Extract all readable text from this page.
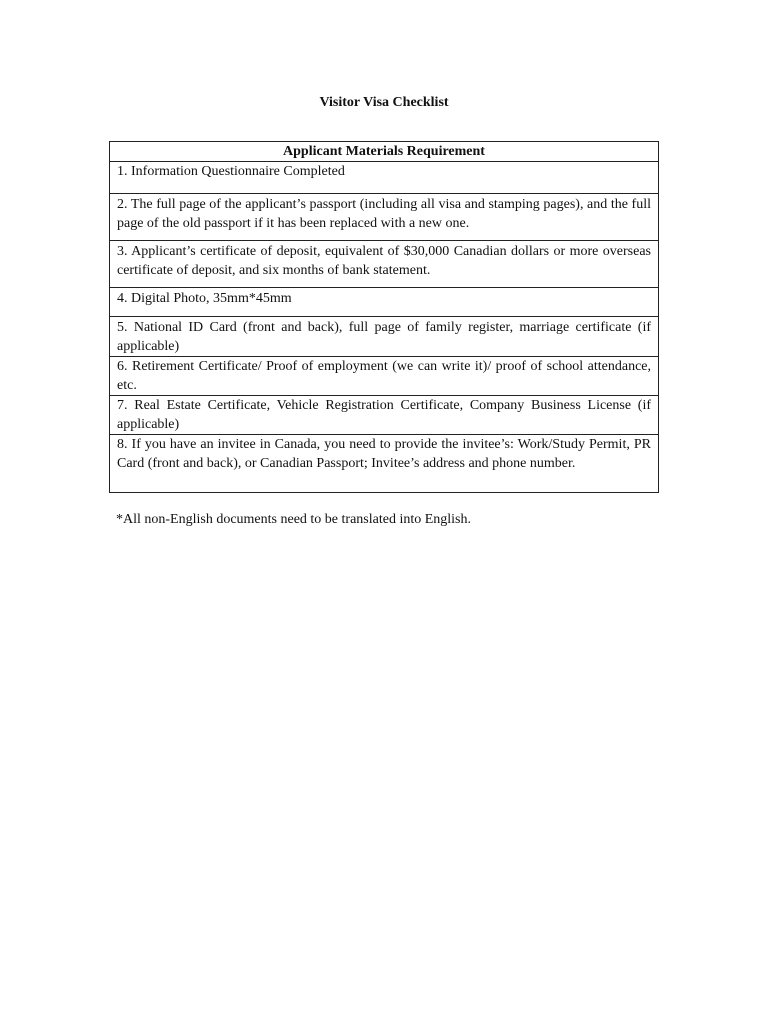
Visitor Visa Checklist
Applicant Materials Requirement
1. Information Questionnaire Completed
2. The full page of the applicant’s passport (including all visa and stamping pages), and the full page of the old passport if it has been replaced with a new one.
3. Applicant’s certificate of deposit, equivalent of $30,000 Canadian dollars or more overseas certificate of deposit, and six months of bank statement.
4. Digital Photo, 35mm*45mm
5. National ID Card (front and back), full page of family register, marriage certificate (if applicable)
6. Retirement Certificate/ Proof of employment (we can write it)/ proof of school attendance, etc.
7. Real Estate Certificate, Vehicle Registration Certificate, Company Business License (if applicable)
8. If you have an invitee in Canada, you need to provide the invitee’s: Work/Study Permit, PR Card (front and back), or Canadian Passport; Invitee’s address and phone number.

*All non-English documents need to be translated into English.
